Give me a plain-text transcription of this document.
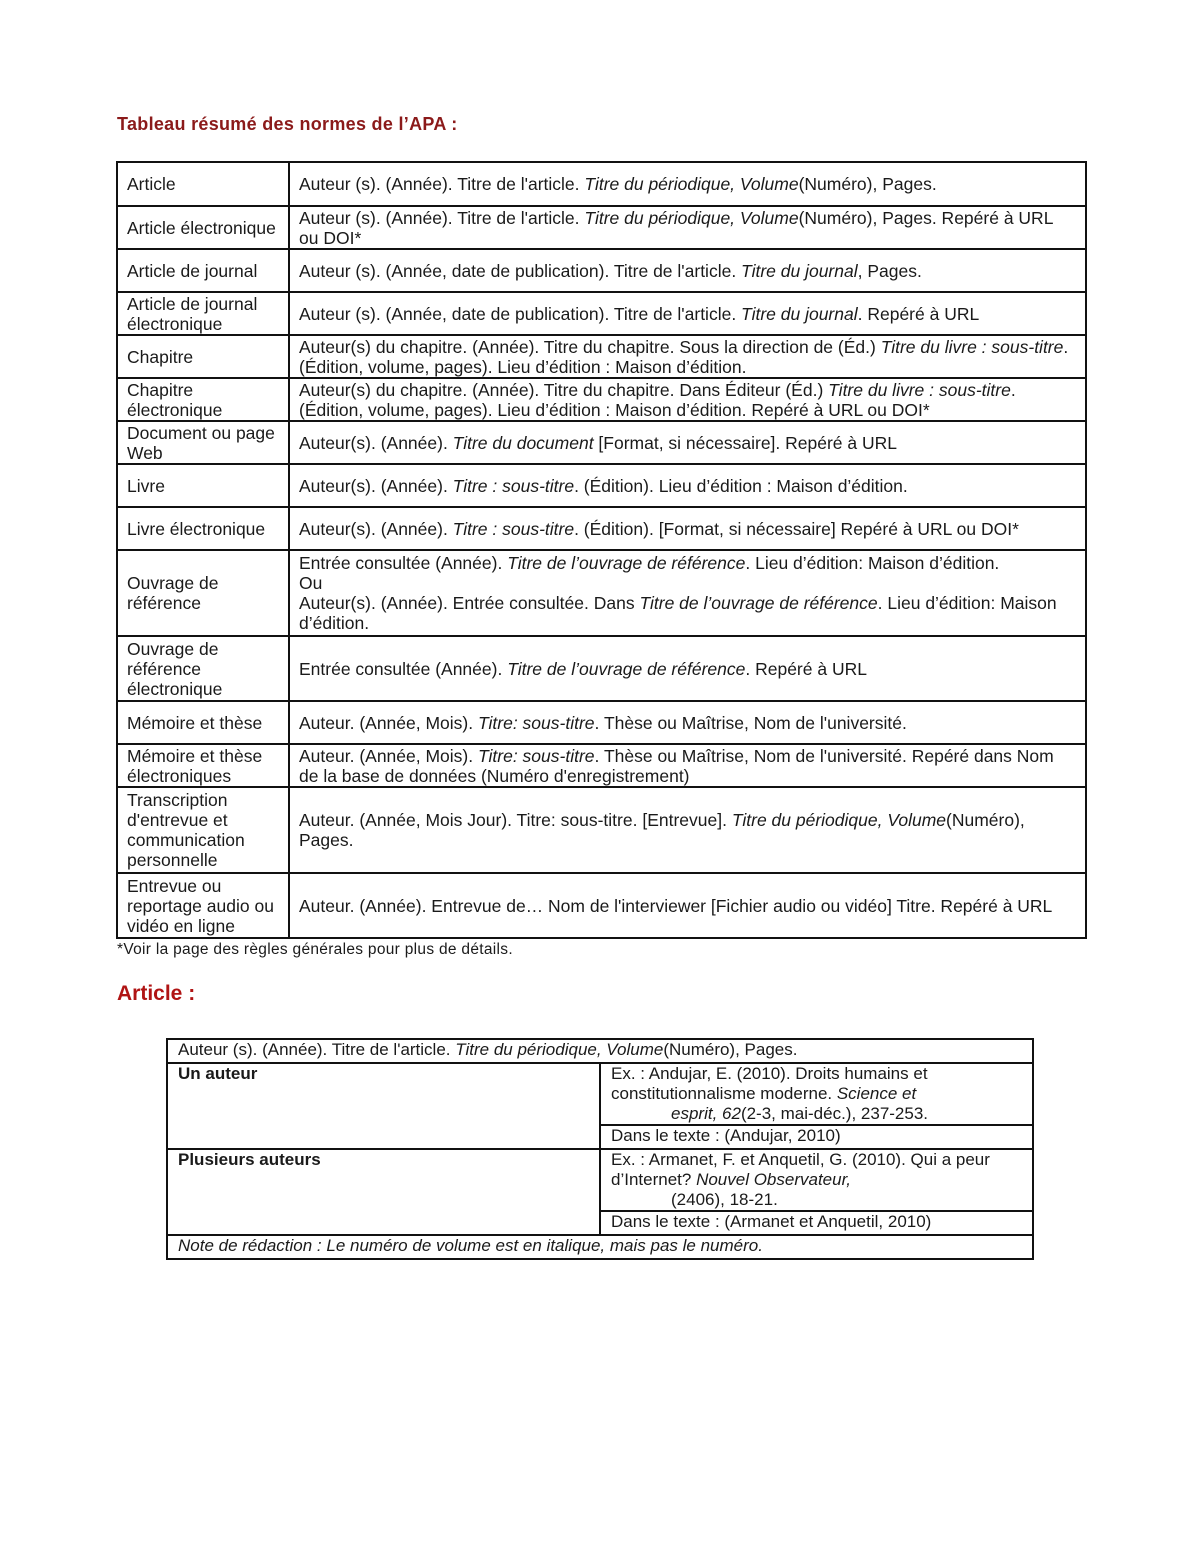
Tableau résumé des normes de l’APA :
Article	Auteur (s). (Année). Titre de l'article. Titre du périodique, Volume(Numéro), Pages.

Article électronique	Auteur (s). (Année). Titre de l'article. Titre du périodique, Volume(Numéro), Pages. Repéré à URL ou DOI*

Article de journal	Auteur (s). (Année, date de publication). Titre de l'article. Titre du journal, Pages.

Article de journal électronique	Auteur (s). (Année, date de publication). Titre de l'article. Titre du journal. Repéré à URL

Chapitre	Auteur(s) du chapitre. (Année). Titre du chapitre. Sous la direction de (Éd.) Titre du livre : sous-titre. (Édition, volume, pages). Lieu d’édition : Maison d’édition.

Chapitre électronique	Auteur(s) du chapitre. (Année). Titre du chapitre. Dans Éditeur (Éd.) Titre du livre : sous-titre. (Édition, volume, pages). Lieu d’édition : Maison d’édition. Repéré à URL ou DOI*

Document ou page Web	Auteur(s). (Année). Titre du document [Format, si nécessaire]. Repéré à URL

Livre	Auteur(s). (Année). Titre : sous-titre. (Édition). Lieu d’édition : Maison d’édition.

Livre électronique	Auteur(s). (Année). Titre : sous-titre. (Édition). [Format, si nécessaire] Repéré à URL ou DOI*

Ouvrage de référence	Entrée consultée (Année). Titre de l’ouvrage de référence. Lieu d’édition: Maison d’édition.
Ou
Auteur(s). (Année). Entrée consultée. Dans Titre de l’ouvrage de référence. Lieu d’édition: Maison d’édition.

Ouvrage de référence électronique	Entrée consultée (Année). Titre de l’ouvrage de référence. Repéré à URL

Mémoire et thèse	Auteur. (Année, Mois). Titre: sous-titre. Thèse ou Maîtrise, Nom de l'université.

Mémoire et thèse électroniques	Auteur. (Année, Mois). Titre: sous-titre. Thèse ou Maîtrise, Nom de l'université. Repéré dans Nom de la base de données (Numéro d'enregistrement)

Transcription d'entrevue et communication personnelle	Auteur. (Année, Mois Jour). Titre: sous-titre. [Entrevue]. Titre du périodique, Volume(Numéro), Pages.

Entrevue ou reportage audio ou vidéo en ligne	Auteur. (Année). Entrevue de… Nom de l'interviewer [Fichier audio ou vidéo] Titre. Repéré à URL
*Voir la page des règles générales pour plus de détails.
Article :
Auteur (s). (Année). Titre de l'article. Titre du périodique, Volume(Numéro), Pages.	
Un auteur	Ex. : Andujar, E. (2010). Droits humains et constitutionnalisme moderne. Science et
esprit, 62(2-3, mai-déc.), 237-253.

	Dans le texte : (Andujar, 2010)
Plusieurs auteurs	Ex. : Armanet, F. et Anquetil, G. (2010). Qui a peur d’Internet? Nouvel Observateur,
(2406), 18-21.

	Dans le texte : (Armanet et Anquetil, 2010)
Note de rédaction : Le numéro de volume est en italique, mais pas le numéro.	
